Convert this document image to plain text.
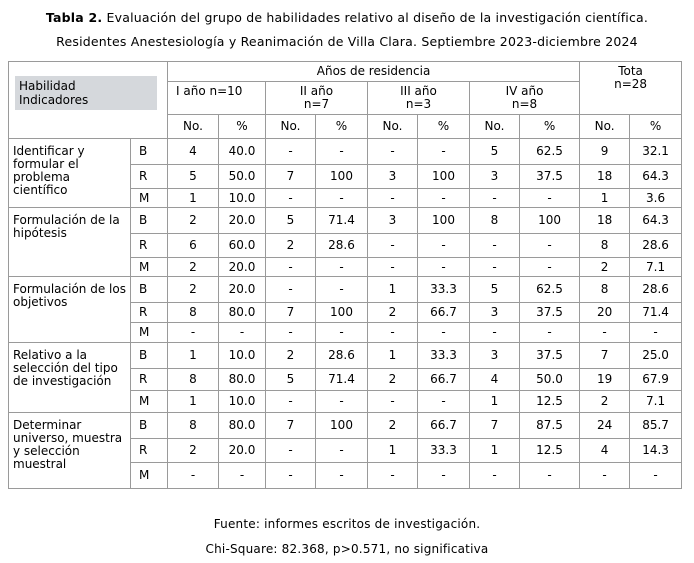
Tabla 2. Evaluación del grupo de habilidades relativo al diseño de la investigación científica.
Residentes Anestesiología y Reanimación de Villa Clara. Septiembre 2023-diciembre 2024
Habilidad
Indicadores		Años de residencia								Tota
n=28	
		I año n=10		II año
n=7		III año
n=3		IV año
n=8			
		No.	%	No.	%	No.	%	No.	%	No.	%
Identificar y formular el problema científico	B	4	40.0	-	-	-	-	5	62.5	9	32.1
	R	5	50.0	7	100	3	100	3	37.5	18	64.3
	M	1	10.0	-	-	-	-	-	-	1	3.6
Formulación de la hipótesis	B	2	20.0	5	71.4	3	100	8	100	18	64.3
	R	6	60.0	2	28.6	-	-	-	-	8	28.6
	M	2	20.0	-	-	-	-	-	-	2	7.1
Formulación de los objetivos	B	2	20.0	-	-	1	33.3	5	62.5	8	28.6
	R	8	80.0	7	100	2	66.7	3	37.5	20	71.4
	M	-	-	-	-	-	-	-	-	-	-
Relativo a la selección del tipo de investigación	B	1	10.0	2	28.6	1	33.3	3	37.5	7	25.0
	R	8	80.0	5	71.4	2	66.7	4	50.0	19	67.9
	M	1	10.0	-	-	-	-	1	12.5	2	7.1
Determinar universo, muestra y selección muestral	B	8	80.0	7	100	2	66.7	7	87.5	24	85.7
	R	2	20.0	-	-	1	33.3	1	12.5	4	14.3
	M	-	-	-	-	-	-	-	-	-	-
Fuente: informes escritos de investigación.
Chi-Square: 82.368, p>0.571, no significativa
